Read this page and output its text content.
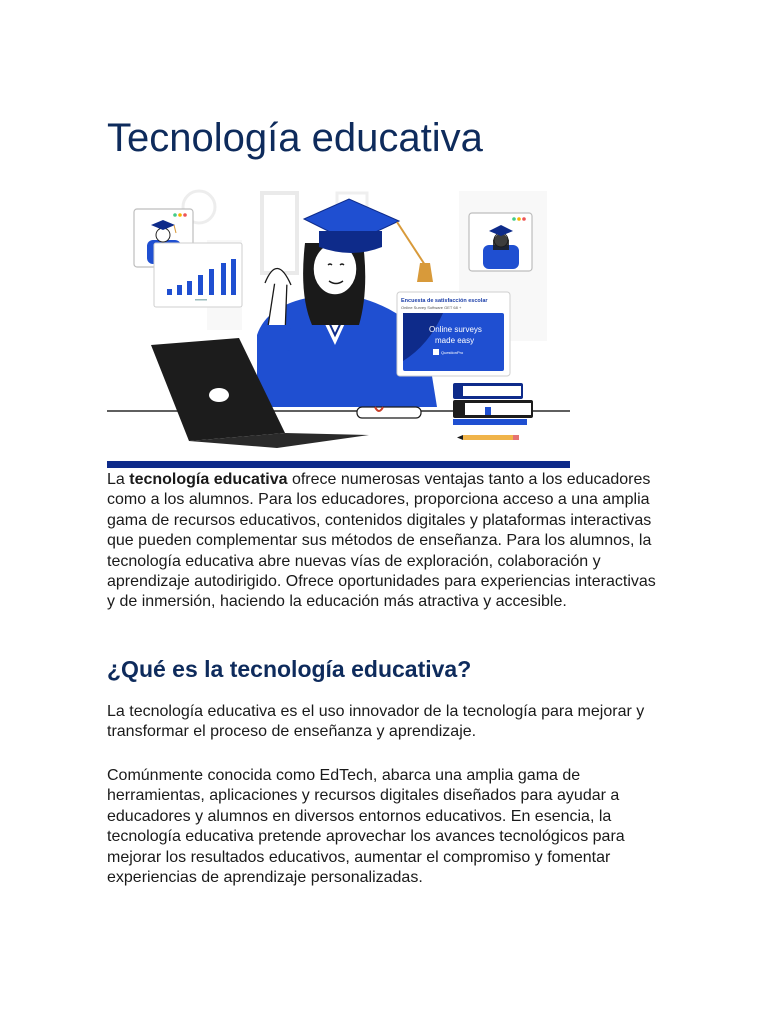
Tecnología educativa
Encuesta de satisfacción escolar
Online Survey Software GET 68 +
Online surveys
made easy
QuestionPro

La tecnología educativa ofrece numerosas ventajas tanto a los educadores como a los alumnos. Para los educadores, proporciona acceso a una amplia gama de recursos educativos, contenidos digitales y plataformas interactivas que pueden complementar sus métodos de enseñanza. Para los alumnos, la tecnología educativa abre nuevas vías de exploración, colaboración y aprendizaje autodirigido. Ofrece oportunidades para experiencias interactivas y de inmersión, haciendo la educación más atractiva y accesible.

¿Qué es la tecnología educativa?

La tecnología educativa es el uso innovador de la tecnología para mejorar y transformar el proceso de enseñanza y aprendizaje.

Comúnmente conocida como EdTech, abarca una amplia gama de herramientas, aplicaciones y recursos digitales diseñados para ayudar a educadores y alumnos en diversos entornos educativos. En esencia, la tecnología educativa pretende aprovechar los avances tecnológicos para mejorar los resultados educativos, aumentar el compromiso y fomentar experiencias de aprendizaje personalizadas.
